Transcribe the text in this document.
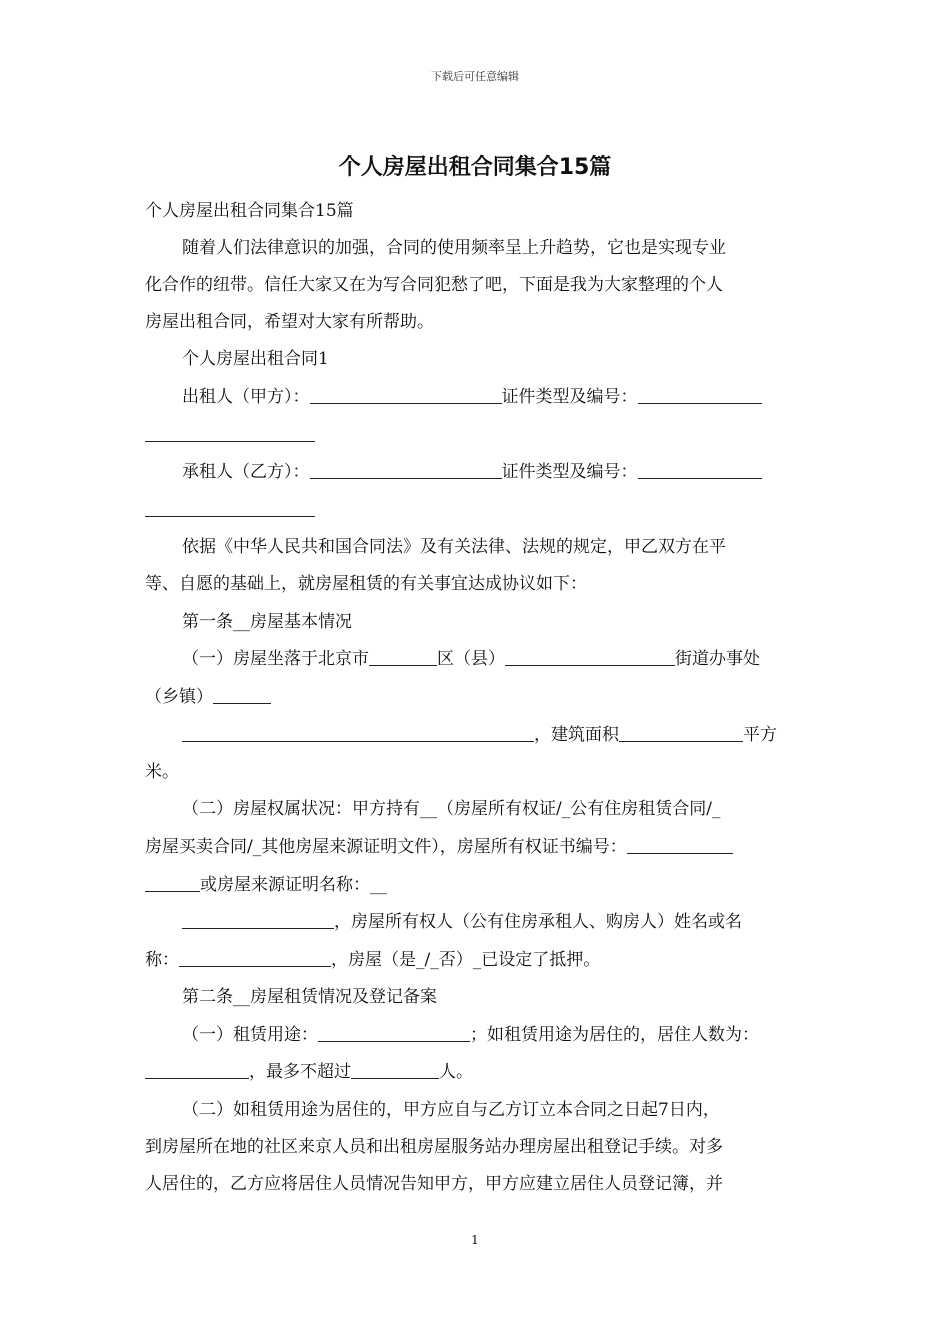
下载后可任意编辑
个人房屋出租合同集合15篇
个人房屋出租合同集合15篇
随着人们法律意识的加强，合同的使用频率呈上升趋势，它也是实现专业
化合作的纽带。信任大家又在为写合同犯愁了吧，下面是我为大家整理的个人
房屋出租合同，希望对大家有所帮助。
个人房屋出租合同1
出租人（甲方）：	证件类型及编号：
承租人（乙方）：	证件类型及编号：
依据《中华人民共和国合同法》及有关法律、法规的规定，甲乙双方在平
等、自愿的基础上，就房屋租赁的有关事宜达成协议如下：
第一条__房屋基本情况
（一）房屋坐落于北京市	区（县）	街道办事处
（乡镇）
，建筑面积	平方
米。
（二）房屋权属状况：甲方持有__（房屋所有权证/_公有住房租赁合同/_
房屋买卖合同/_其他房屋来源证明文件），房屋所有权证书编号：
或房屋来源证明名称：__
，房屋所有权人（公有住房承租人、购房人）姓名或名
称：	，房屋（是_/_否）_已设定了抵押。
第二条__房屋租赁情况及登记备案
（一）租赁用途：	；如租赁用途为居住的，居住人数为：
，最多不超过	人。
（二）如租赁用途为居住的，甲方应自与乙方订立本合同之日起7日内，
到房屋所在地的社区来京人员和出租房屋服务站办理房屋出租登记手续。对多
人居住的，乙方应将居住人员情况告知甲方，甲方应建立居住人员登记簿，并
1
